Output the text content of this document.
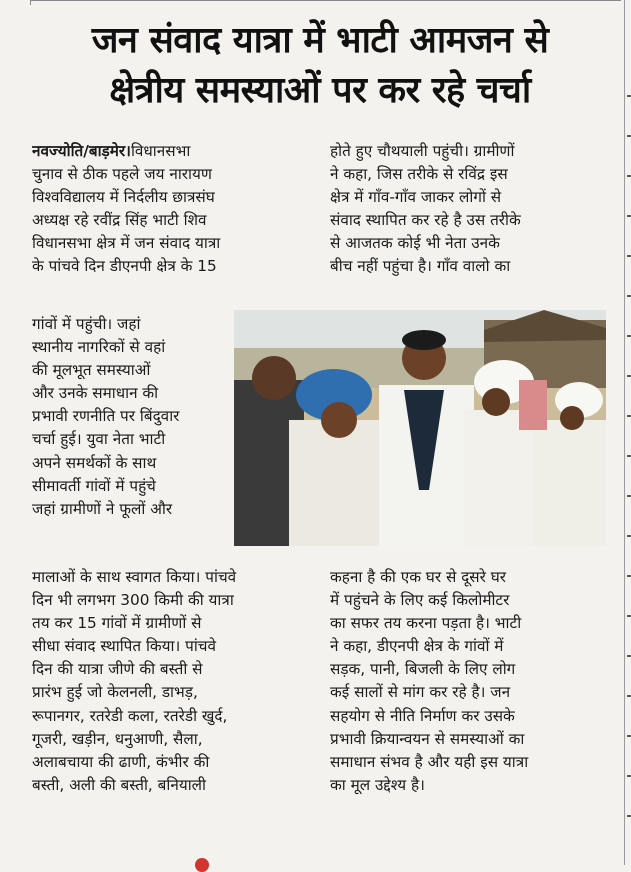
जन संवाद यात्रा में भाटी आमजन से
क्षेत्रीय समस्याओं पर कर रहे चर्चा
नवज्योति/बाड़मेर।विधानसभा
चुनाव से ठीक पहले जय नारायण
विश्वविद्यालय में निर्दलीय छात्रसंघ
अध्यक्ष रहे रवींद्र सिंह भाटी शिव
विधानसभा क्षेत्र में जन संवाद यात्रा
के पांचवे दिन डीएनपी क्षेत्र के 15
गांवों में पहुंची। जहां
स्थानीय नागरिकों से वहां
की मूलभूत समस्याओं
और उनके समाधान की
प्रभावी रणनीति पर बिंदुवार
चर्चा हुई। युवा नेता भाटी
अपने समर्थकों के साथ
सीमावर्ती गांवों में पहुंचे
जहां ग्रामीणों ने फूलों और
मालाओं के साथ स्वागत किया। पांचवे
दिन भी लगभग 300 किमी की यात्रा
तय कर 15 गांवों में ग्रामीणों से
सीधा संवाद स्थापित किया। पांचवे
दिन की यात्रा जीणे की बस्ती से
प्रारंभ हुई जो केलनली, डाभड़,
रूपानगर, रतरेडी कला, रतरेडी खुर्द,
गूजरी, खड़ीन, धनुआणी, सैला,
अलाबचाया की ढाणी, कंभीर की
बस्ती, अली की बस्ती, बनियाली
होते हुए चौथयाली पहुंची। ग्रामीणों
ने कहा, जिस तरीके से रविंद्र इस
क्षेत्र में गाँव-गाँव जाकर लोगों से
संवाद स्थापित कर रहे है उस तरीके
से आजतक कोई भी नेता उनके
बीच नहीं पहुंचा है। गाँव वालो का
कहना है की एक घर से दूसरे घर
में पहुंचने के लिए कई किलोमीटर
का सफर तय करना पड़ता है। भाटी
ने कहा, डीएनपी क्षेत्र के गांवों में
सड़क, पानी, बिजली के लिए लोग
कई सालों से मांग कर रहे है। जन
सहयोग से नीति निर्माण कर उसके
प्रभावी क्रियान्वयन से समस्याओं का
समाधान संभव है और यही इस यात्रा
का मूल उद्देश्य है।
